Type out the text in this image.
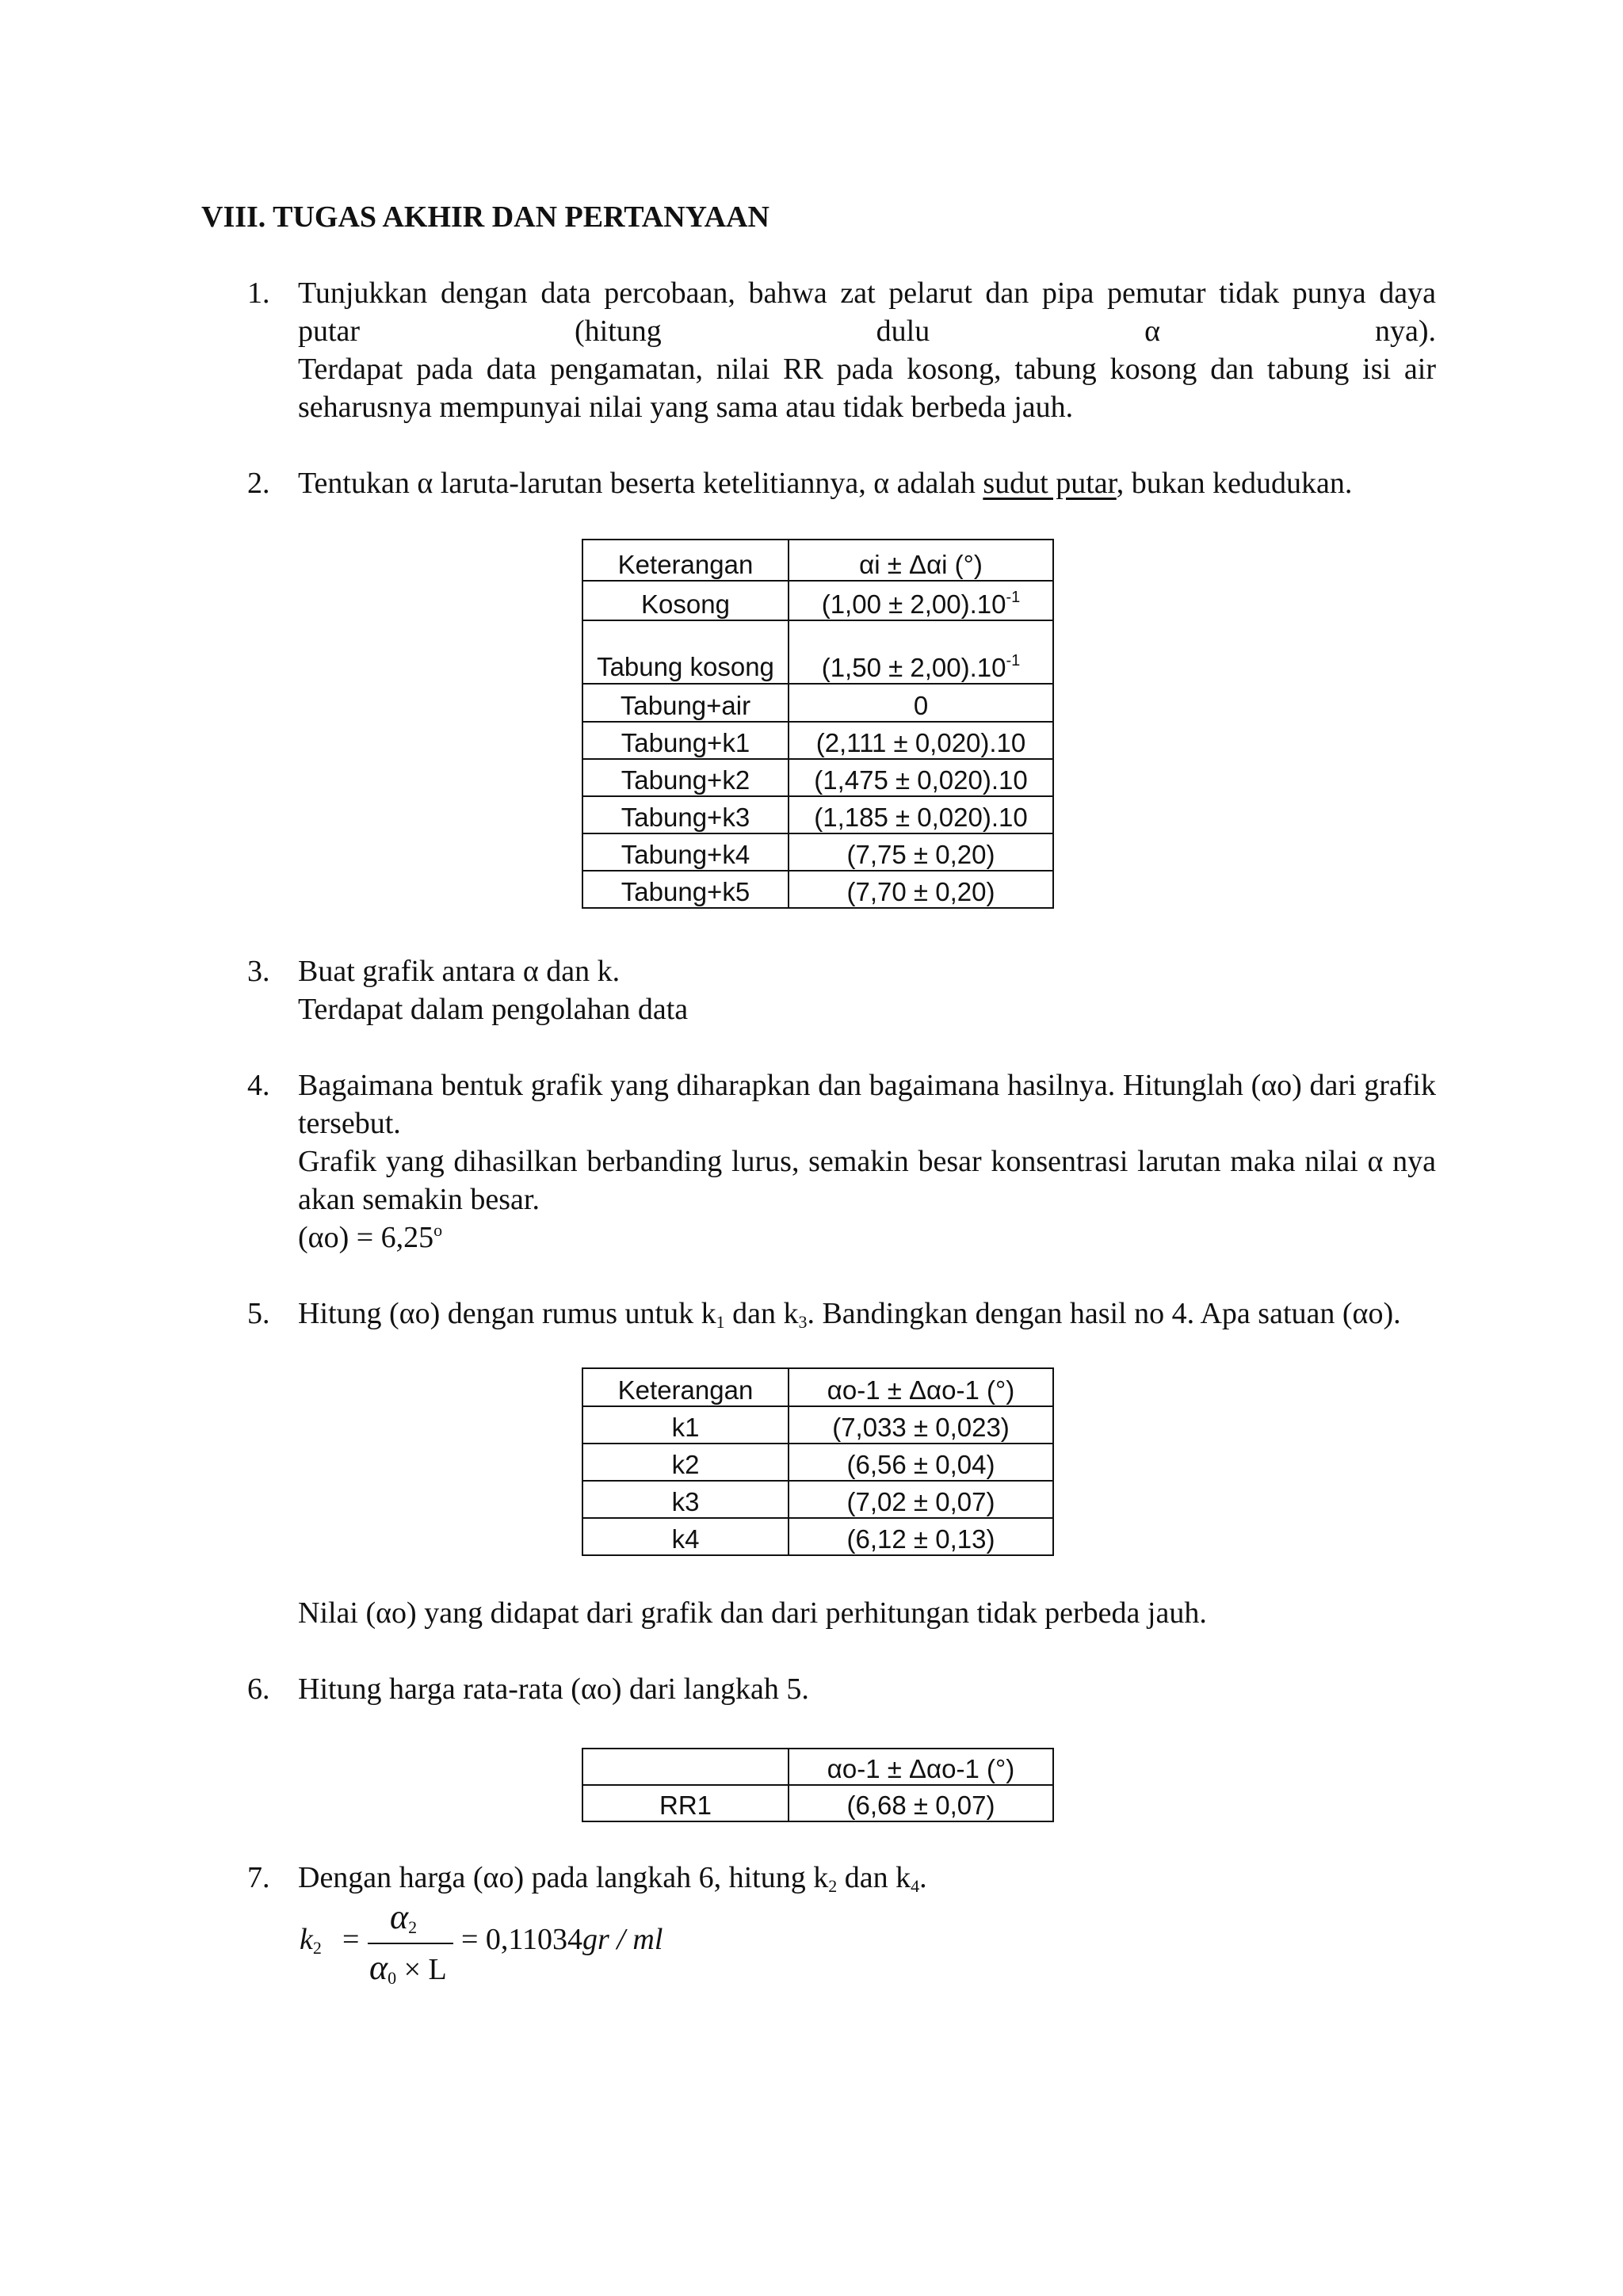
VIII. TUGAS AKHIR DAN PERTANYAAN
1. Tunjukkan dengan data percobaan, bahwa zat pelarut dan pipa pemutar tidak punya daya putar (hitung dulu α nya).
Terdapat pada data pengamatan, nilai RR pada kosong, tabung kosong dan tabung isi air seharusnya mempunyai nilai yang sama atau tidak berbeda jauh.
2. Tentukan α laruta-larutan beserta ketelitiannya, α adalah sudut putar, bukan kedudukan.
Keterangan	αi ± Δαi (°)
Kosong	$(1,00 \pm 2,00).10^{-1}$
Tabung kosong	$(1,50 \pm 2,00).10^{-1}$
Tabung+air	0
Tabung+k1	(2,111 ± 0,020).10
Tabung+k2	(1,475 ± 0,020).10
Tabung+k3	(1,185 ± 0,020).10
Tabung+k4	(7,75 ± 0,20)
Tabung+k5	(7,70 ± 0,20)
3. Buat grafik antara α dan k.
Terdapat dalam pengolahan data
4. Bagaimana bentuk grafik yang diharapkan dan bagaimana hasilnya. Hitunglah (αo) dari grafik tersebut.
Grafik yang dihasilkan berbanding lurus, semakin besar konsentrasi larutan maka nilai α nya akan semakin besar.
$(\alpha o) = 6,25^o$
5. Hitung (αo) dengan rumus untuk $k_1$ dan $k_3$. Bandingkan dengan hasil no 4. Apa satuan (αo).
Keterangan	αo-1 ± Δαo-1 (°)
k1	(7,033 ± 0,023)
k2	(6,56 ± 0,04)
k3	(7,02 ± 0,07)
k4	(6,12 ± 0,13)
Nilai (αo) yang didapat dari grafik dan dari perhitungan tidak perbeda jauh.
6. Hitung harga rata-rata (αo) dari langkah 5.
	αo-1 ± Δαo-1 (°)
RR1	(6,68 ± 0,07)
7. Dengan harga (αo) pada langkah 6, hitung $k_2$ dan $k_4$.
$k_2$ =
$\alpha_2$
$\alpha_0 \times L$
= 0,11034gr / ml
